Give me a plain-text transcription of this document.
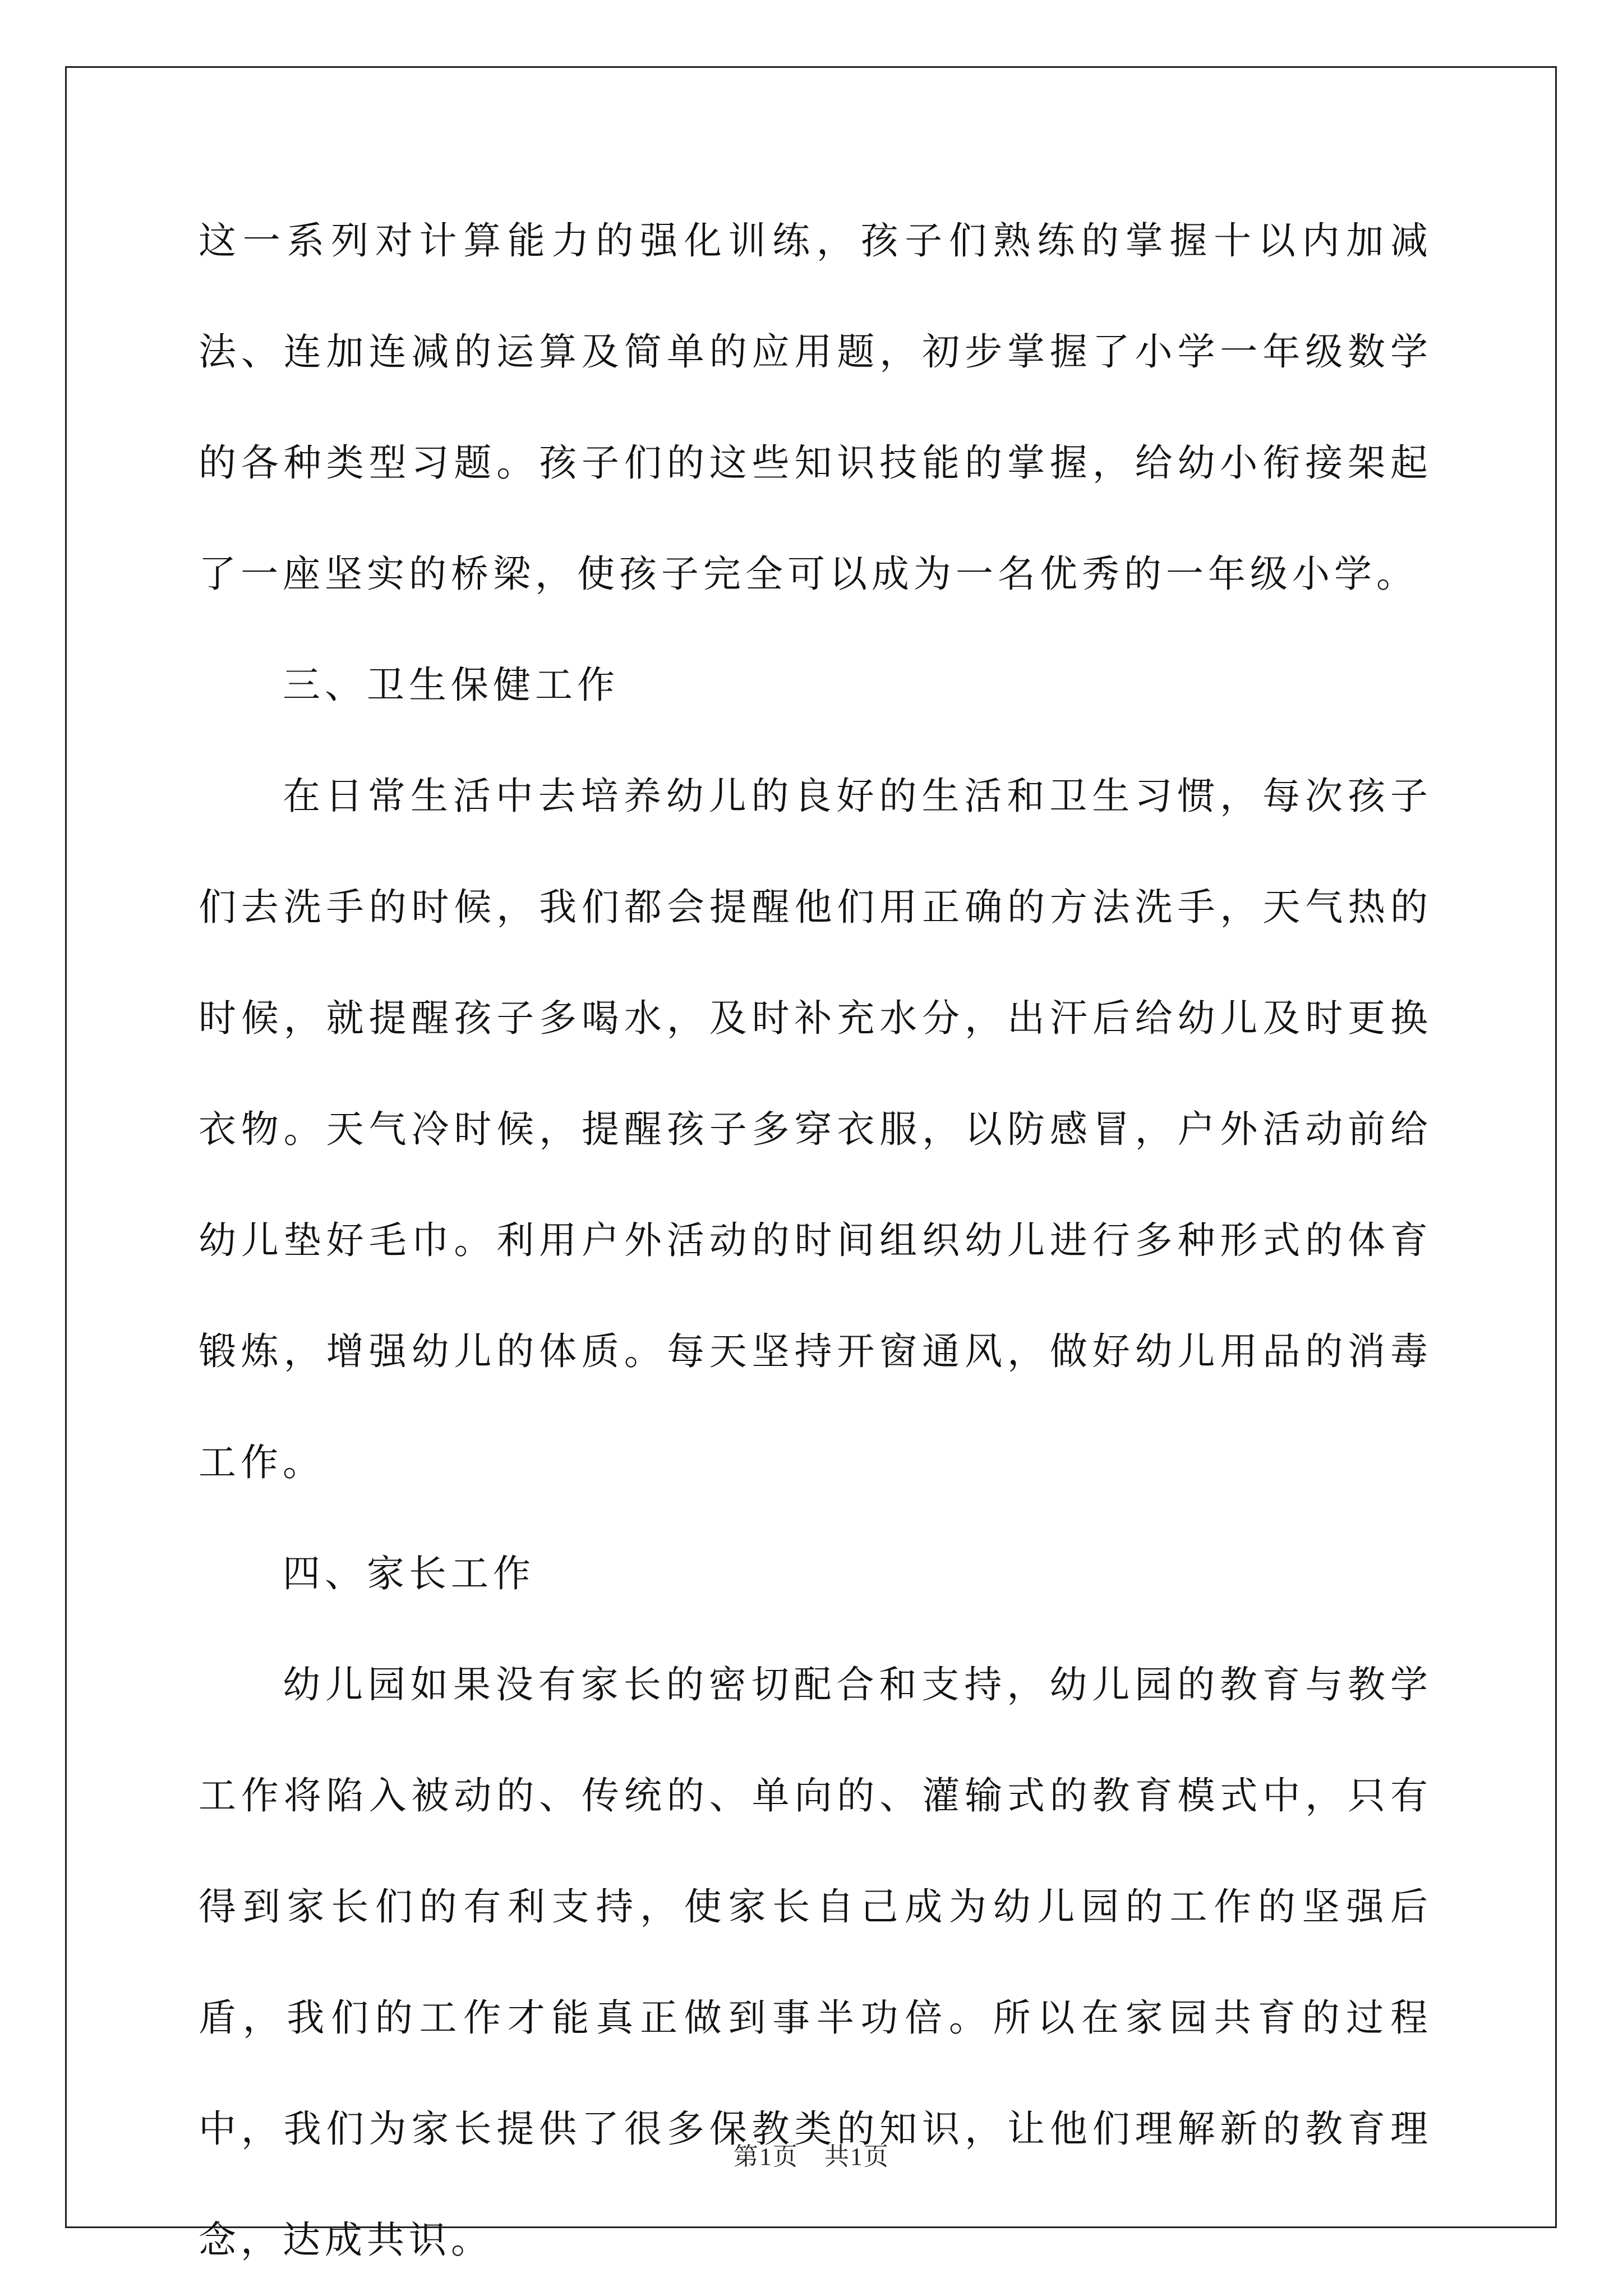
这一系列对计算能力的强化训练，孩子们熟练的掌握十以内加减法、连加连减的运算及简单的应用题，初步掌握了小学一年级数学的各种类型习题。孩子们的这些知识技能的掌握，给幼小衔接架起了一座坚实的桥梁，使孩子完全可以成为一名优秀的一年级小学。

三、卫生保健工作

在日常生活中去培养幼儿的良好的生活和卫生习惯，每次孩子们去洗手的时候，我们都会提醒他们用正确的方法洗手，天气热的时候，就提醒孩子多喝水，及时补充水分，出汗后给幼儿及时更换衣物。天气冷时候，提醒孩子多穿衣服，以防感冒，户外活动前给幼儿垫好毛巾。利用户外活动的时间组织幼儿进行多种形式的体育锻炼，增强幼儿的体质。每天坚持开窗通风，做好幼儿用品的消毒工作。

四、家长工作

幼儿园如果没有家长的密切配合和支持，幼儿园的教育与教学工作将陷入被动的、传统的、单向的、灌输式的教育模式中，只有得到家长们的有利支持，使家长自己成为幼儿园的工作的坚强后盾，我们的工作才能真正做到事半功倍。所以在家园共育的过程中，我们为家长提供了很多保教类的知识，让他们理解新的教育理念，达成共识。

第1页　共1页
